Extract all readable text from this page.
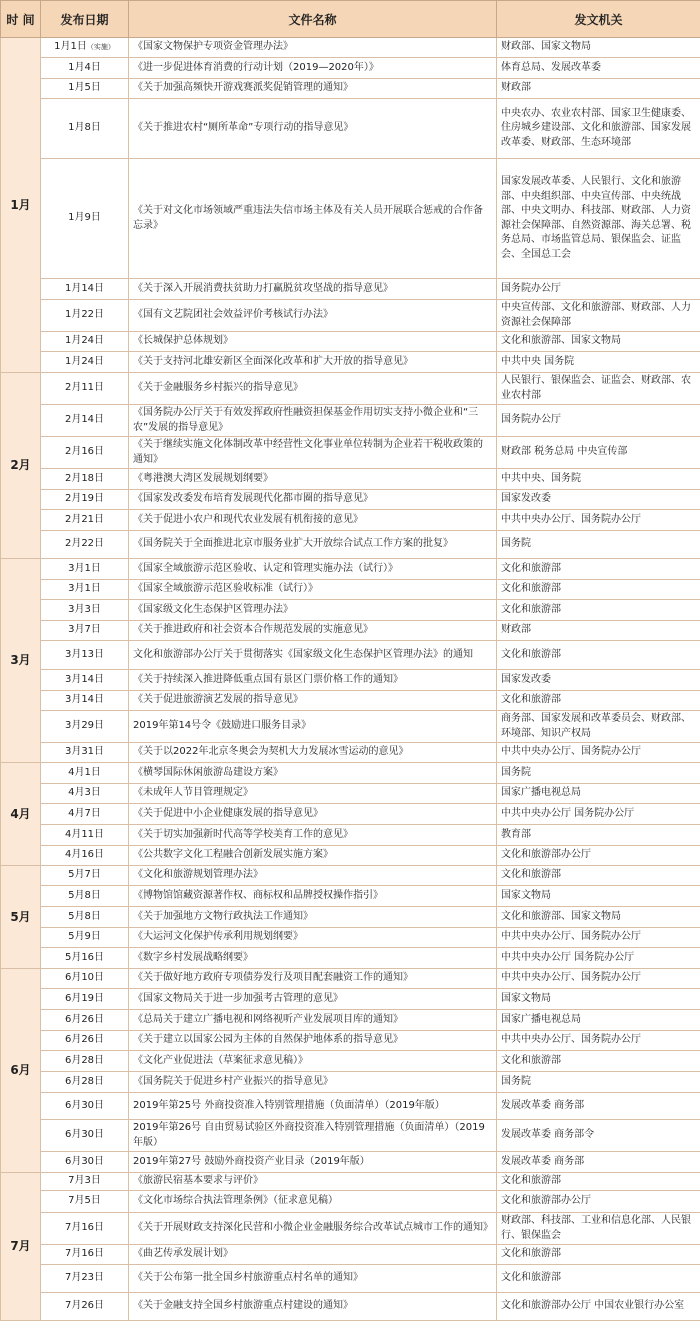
时 间	发布日期	文件名称	发文机关
1月	1月1日（实施）	《国家文物保护专项资金管理办法》	财政部、国家文物局
	1月4日	《进一步促进体育消费的行动计划（2019—2020年）》	体育总局、发展改革委
	1月5日	《关于加强高频快开游戏赛派奖促销管理的通知》	财政部
	1月8日	《关于推进农村“厕所革命”专项行动的指导意见》	中央农办、农业农村部、国家卫生健康委、住房城乡建设部、文化和旅游部、国家发展改革委、财政部、生态环境部
	1月9日	《关于对文化市场领域严重违法失信市场主体及有关人员开展联合惩戒的合作备忘录》	国家发展改革委、人民银行、文化和旅游部、中央组织部、中央宣传部、中央统战部、中央文明办、科技部、财政部、人力资源社会保障部、自然资源部、海关总署、税务总局、市场监管总局、银保监会、证监会、全国总工会
	1月14日	《关于深入开展消费扶贫助力打赢脱贫攻坚战的指导意见》	国务院办公厅
	1月22日	《国有文艺院团社会效益评价考核试行办法》	中央宣传部、文化和旅游部、财政部、人力资源社会保障部
	1月24日	《长城保护总体规划》	文化和旅游部、国家文物局
	1月24日	《关于支持河北雄安新区全面深化改革和扩大开放的指导意见》	中共中央 国务院
2月	2月11日	《关于金融服务乡村振兴的指导意见》	人民银行、银保监会、证监会、财政部、农业农村部
	2月14日	《国务院办公厅关于有效发挥政府性融资担保基金作用切实支持小微企业和“三农”发展的指导意见》	国务院办公厅
	2月16日	《关于继续实施文化体制改革中经营性文化事业单位转制为企业若干税收政策的通知》	财政部 税务总局 中央宣传部
	2月18日	《粤港澳大湾区发展规划纲要》	中共中央、国务院
	2月19日	《国家发改委发布培育发展现代化都市圈的指导意见》	国家发改委
	2月21日	《关于促进小农户和现代农业发展有机衔接的意见》	中共中央办公厅、国务院办公厅
	2月22日	《国务院关于全面推进北京市服务业扩大开放综合试点工作方案的批复》	国务院
3月	3月1日	《国家全域旅游示范区验收、认定和管理实施办法（试行）》	文化和旅游部
	3月1日	《国家全域旅游示范区验收标准（试行）》	文化和旅游部
	3月3日	《国家级文化生态保护区管理办法》	文化和旅游部
	3月7日	《关于推进政府和社会资本合作规范发展的实施意见》	财政部
	3月13日	文化和旅游部办公厅关于贯彻落实《国家级文化生态保护区管理办法》的通知	文化和旅游部
	3月14日	《关于持续深入推进降低重点国有景区门票价格工作的通知》	国家发改委
	3月14日	《关于促进旅游演艺发展的指导意见》	文化和旅游部
	3月29日	2019年第14号令《鼓励进口服务目录》	商务部、国家发展和改革委员会、财政部、环境部、知识产权局
	3月31日	《关于以2022年北京冬奥会为契机大力发展冰雪运动的意见》	中共中央办公厅、国务院办公厅
4月	4月1日	《横琴国际休闲旅游岛建设方案》	国务院
	4月3日	《未成年人节目管理规定》	国家广播电视总局
	4月7日	《关于促进中小企业健康发展的指导意见》	中共中央办公厅 国务院办公厅
	4月11日	《关于切实加强新时代高等学校美育工作的意见》	教育部
	4月16日	《公共数字文化工程融合创新发展实施方案》	文化和旅游部办公厅
5月	5月7日	《文化和旅游规划管理办法》	文化和旅游部
	5月8日	《博物馆馆藏资源著作权、商标权和品牌授权操作指引》	国家文物局
	5月8日	《关于加强地方文物行政执法工作通知》	文化和旅游部、国家文物局
	5月9日	《大运河文化保护传承利用规划纲要》	中共中央办公厅、国务院办公厅
	5月16日	《数字乡村发展战略纲要》	中共中央办公厅 国务院办公厅
6月	6月10日	《关于做好地方政府专项债券发行及项目配套融资工作的通知》	中共中央办公厅、国务院办公厅
	6月19日	《国家文物局关于进一步加强考古管理的意见》	国家文物局
	6月26日	《总局关于建立广播电视和网络视听产业发展项目库的通知》	国家广播电视总局
	6月26日	《关于建立以国家公园为主体的自然保护地体系的指导意见》	中共中央办公厅、国务院办公厅
	6月28日	《文化产业促进法（草案征求意见稿）》	文化和旅游部
	6月28日	《国务院关于促进乡村产业振兴的指导意见》	国务院
	6月30日	2019年第25号 外商投资准入特别管理措施（负面清单）（2019年版）	发展改革委 商务部
	6月30日	2019年第26号 自由贸易试验区外商投资准入特别管理措施（负面清单）（2019年版）	发展改革委 商务部令
	6月30日	2019年第27号 鼓励外商投资产业目录（2019年版）	发展改革委 商务部
7月	7月3日	《旅游民宿基本要求与评价》	文化和旅游部
	7月5日	《文化市场综合执法管理条例》（征求意见稿）	文化和旅游部办公厅
	7月16日	《关于开展财政支持深化民营和小微企业金融服务综合改革试点城市工作的通知》	财政部、科技部、工业和信息化部、人民银行、银保监会
	7月16日	《曲艺传承发展计划》	文化和旅游部
	7月23日	《关于公布第一批全国乡村旅游重点村名单的通知》	文化和旅游部
	7月26日	《关于金融支持全国乡村旅游重点村建设的通知》	文化和旅游部办公厅 中国农业银行办公室
